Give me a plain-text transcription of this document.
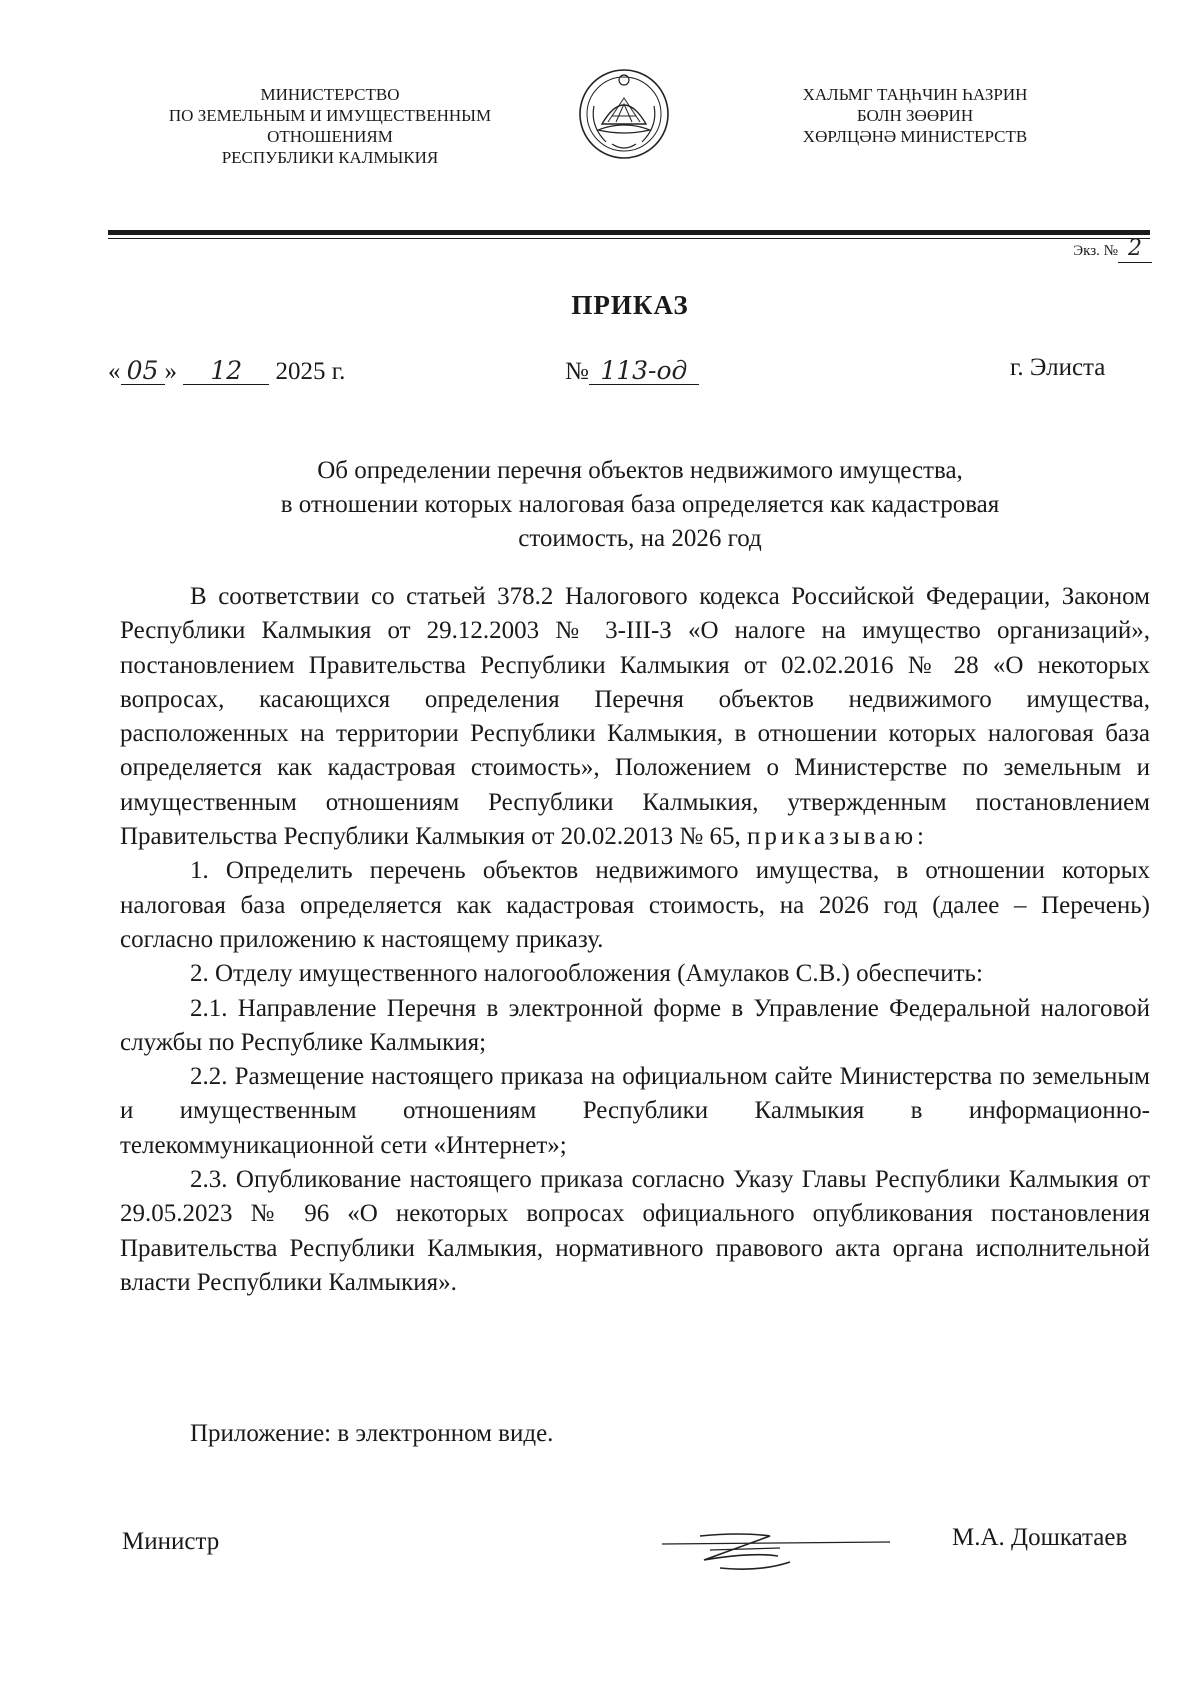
МИНИСТЕРСТВО
ПО ЗЕМЕЛЬНЫМ И ИМУЩЕСТВЕННЫМ
ОТНОШЕНИЯМ
РЕСПУБЛИКИ КАЛМЫКИЯ
ХАЛЬМГ ТАҢҺЧИН ҺАЗРИН
БОЛН ЗӨӨРИН
ХӨРЛЦӘНӘ МИНИСТЕРСТВ
Экз. № 2
ПРИКАЗ
« 05 » 12 2025 г.	№ 113-од	г. Элиста
Об определении перечня объектов недвижимого имущества,
в отношении которых налоговая база определяется как кадастровая
стоимость, на 2026 год

В соответствии со статьей 378.2 Налогового кодекса Российской Федерации, Законом Республики Калмыкия от 29.12.2003 № 3-III-З «О налоге на имущество организаций», постановлением Правительства Республики Калмыкия от 02.02.2016 № 28 «О некоторых вопросах, касающихся определения Перечня объектов недвижимого имущества, расположенных на территории Республики Калмыкия, в отношении которых налоговая база определяется как кадастровая стоимость», Положением о Министерстве по земельным и имущественным отношениям Республики Калмыкия, утвержденным постановлением Правительства Республики Калмыкия от 20.02.2013 № 65, приказываю:

1. Определить перечень объектов недвижимого имущества, в отношении которых налоговая база определяется как кадастровая стоимость, на 2026 год (далее – Перечень) согласно приложению к настоящему приказу.

2. Отделу имущественного налогообложения (Амулаков С.В.) обеспечить:

2.1. Направление Перечня в электронной форме в Управление Федеральной налоговой службы по Республике Калмыкия;

2.2. Размещение настоящего приказа на официальном сайте Министерства по земельным и имущественным отношениям Республики Калмыкия в информационно-телекоммуникационной сети «Интернет»;

2.3. Опубликование настоящего приказа согласно Указу Главы Республики Калмыкия от 29.05.2023 № 96 «О некоторых вопросах официального опубликования постановления Правительства Республики Калмыкия, нормативного правового акта органа исполнительной власти Республики Калмыкия».

Приложение: в электронном виде.
Министр	М.А. Дошкатаев
